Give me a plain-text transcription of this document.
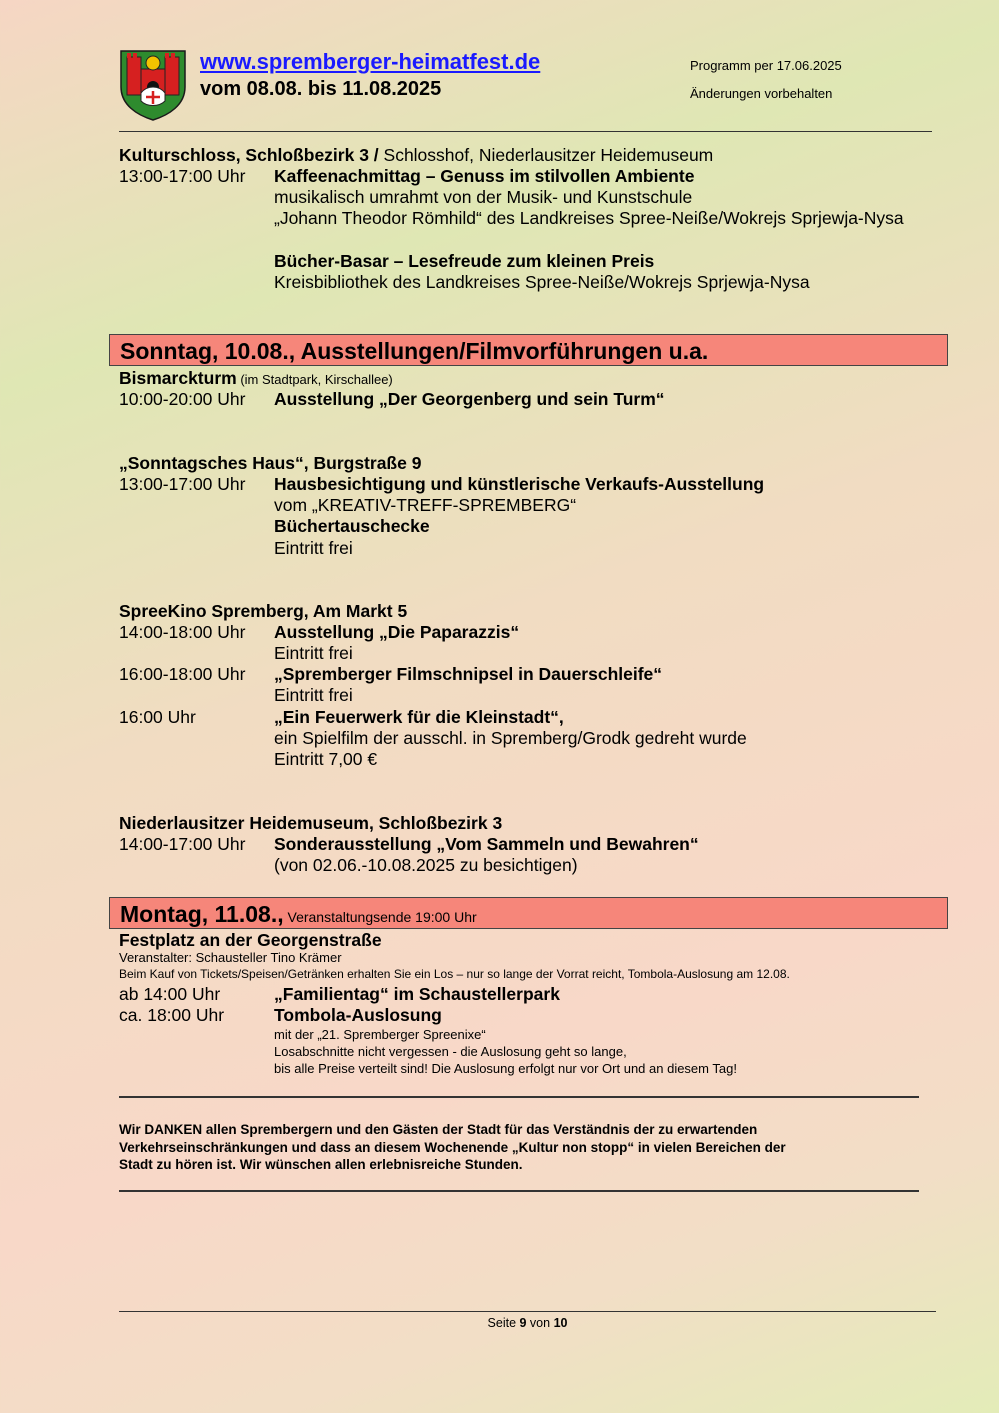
www.spremberger-heimatfest.de
vom 08.08. bis 11.08.2025
Programm per 17.06.2025
Änderungen vorbehalten
Kulturschloss, Schloßbezirk 3 / Schlosshof, Niederlausitzer Heidemuseum
13:00-17:00 Uhr Kaffeenachmittag – Genuss im stilvollen Ambiente
musikalisch umrahmt von der Musik- und Kunstschule
„Johann Theodor Römhild“ des Landkreises Spree-Neiße/Wokrejs Sprjewja-Nysa
Bücher-Basar – Lesefreude zum kleinen Preis
Kreisbibliothek des Landkreises Spree-Neiße/Wokrejs Sprjewja-Nysa
Sonntag, 10.08., Ausstellungen/Filmvorführungen u.a.
Bismarckturm (im Stadtpark, Kirschallee)
10:00-20:00 Uhr Ausstellung „Der Georgenberg und sein Turm“
„Sonntagsches Haus“, Burgstraße 9
13:00-17:00 Uhr Hausbesichtigung und künstlerische Verkaufs-Ausstellung
vom „KREATIV-TREFF-SPREMBERG“
Büchertauschecke
Eintritt frei
SpreeKino Spremberg, Am Markt 5
14:00-18:00 Uhr Ausstellung „Die Paparazzis“
Eintritt frei
16:00-18:00 Uhr „Spremberger Filmschnipsel in Dauerschleife“
Eintritt frei
16:00 Uhr	„Ein Feuerwerk für die Kleinstadt“,
ein Spielfilm der ausschl. in Spremberg/Grodk gedreht wurde
Eintritt 7,00 €
Niederlausitzer Heidemuseum, Schloßbezirk 3
14:00-17:00 Uhr Sonderausstellung „Vom Sammeln und Bewahren“
(von 02.06.-10.08.2025 zu besichtigen)
Montag, 11.08., Veranstaltungsende 19:00 Uhr
Festplatz an der Georgenstraße
Veranstalter: Schausteller Tino Krämer
Beim Kauf von Tickets/Speisen/Getränken erhalten Sie ein Los – nur so lange der Vorrat reicht, Tombola-Auslosung am 12.08.
ab 14:00 Uhr	„Familientag“ im Schaustellerpark
ca. 18:00 Uhr	Tombola-Auslosung
mit der „21. Spremberger Spreenixe“
Losabschnitte nicht vergessen - die Auslosung geht so lange,
bis alle Preise verteilt sind! Die Auslosung erfolgt nur vor Ort und an diesem Tag!
Wir DANKEN allen Sprembergern und den Gästen der Stadt für das Verständnis der zu erwartenden
Verkehrseinschränkungen und dass an diesem Wochenende „Kultur non stopp“ in vielen Bereichen der
Stadt zu hören ist. Wir wünschen allen erlebnisreiche Stunden.
Seite 9 von 10
